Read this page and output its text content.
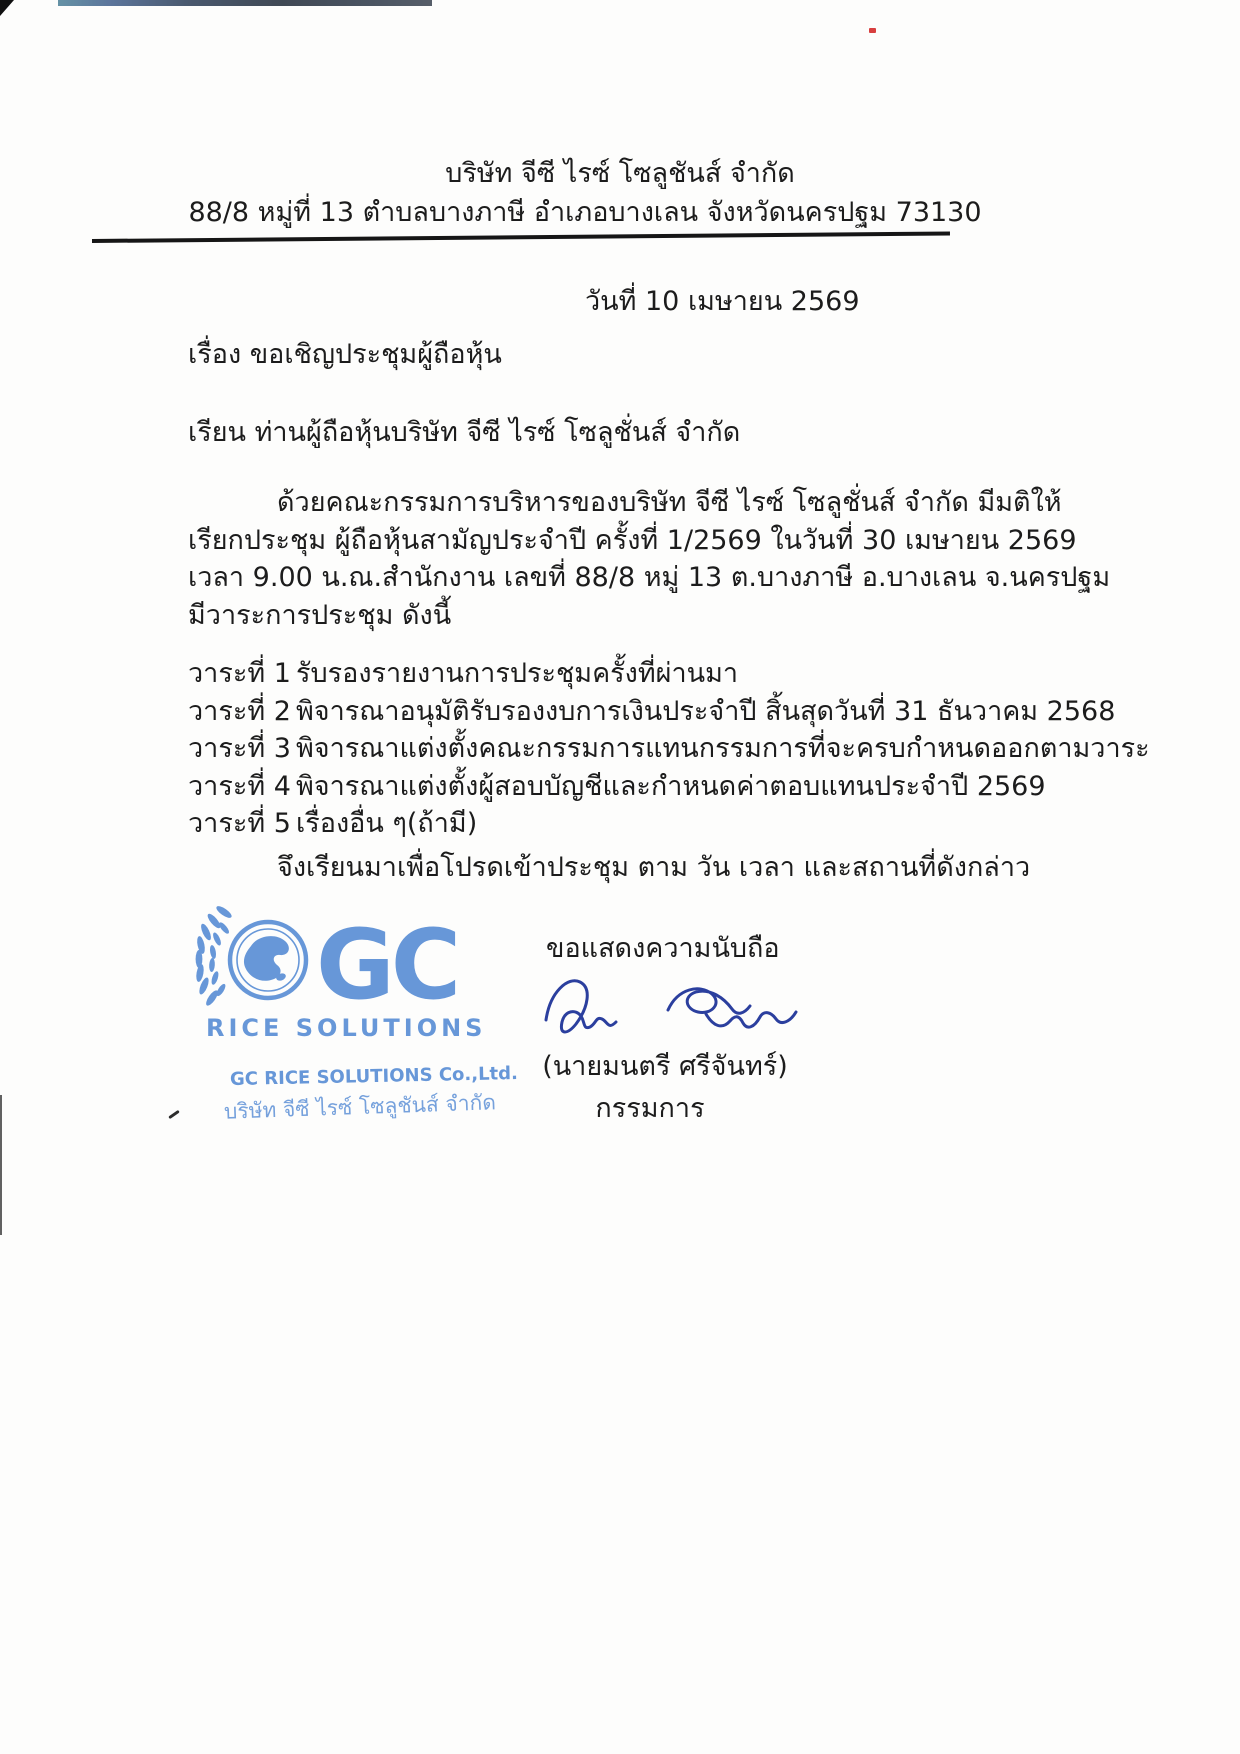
บริษัท จีซี ไรซ์ โซลูชันส์ จำกัด
88/8 หมู่ที่ 13 ตำบลบางภาษี อำเภอบางเลน จังหวัดนครปฐม 73130
วันที่ 10 เมษายน 2569
เรื่อง ขอเชิญประชุมผู้ถือหุ้น
เรียน ท่านผู้ถือหุ้นบริษัท จีซี ไรซ์ โซลูชั่นส์ จำกัด
ด้วยคณะกรรมการบริหารของบริษัท จีซี ไรซ์ โซลูชั่นส์ จำกัด มีมติให้
เรียกประชุม ผู้ถือหุ้นสามัญประจำปี ครั้งที่ 1/2569 ในวันที่ 30 เมษายน 2569
เวลา 9.00 น.ณ.สำนักงาน เลขที่ 88/8 หมู่ 13 ต.บางภาษี อ.บางเลน จ.นครปฐม
มีวาระการประชุม ดังนี้
วาระที่ 1 รับรองรายงานการประชุมครั้งที่ผ่านมา
วาระที่ 2 พิจารณาอนุมัติรับรองงบการเงินประจำปี สิ้นสุดวันที่ 31 ธันวาคม 2568
วาระที่ 3 พิจารณาแต่งตั้งคณะกรรมการแทนกรรมการที่จะครบกำหนดออกตามวาระ
วาระที่ 4 พิจารณาแต่งตั้งผู้สอบบัญชีและกำหนดค่าตอบแทนประจำปี 2569
วาระที่ 5 เรื่องอื่น ๆ(ถ้ามี)
จึงเรียนมาเพื่อโปรดเข้าประชุม ตาม วัน เวลา และสถานที่ดังกล่าว
GC
RICE SOLUTIONS
GC RICE SOLUTIONS Co.,Ltd.
บริษัท จีซี ไรซ์ โซลูชันส์ จำกัด
ขอแสดงความนับถือ
(นายมนตรี ศรีจันทร์)
กรรมการ
